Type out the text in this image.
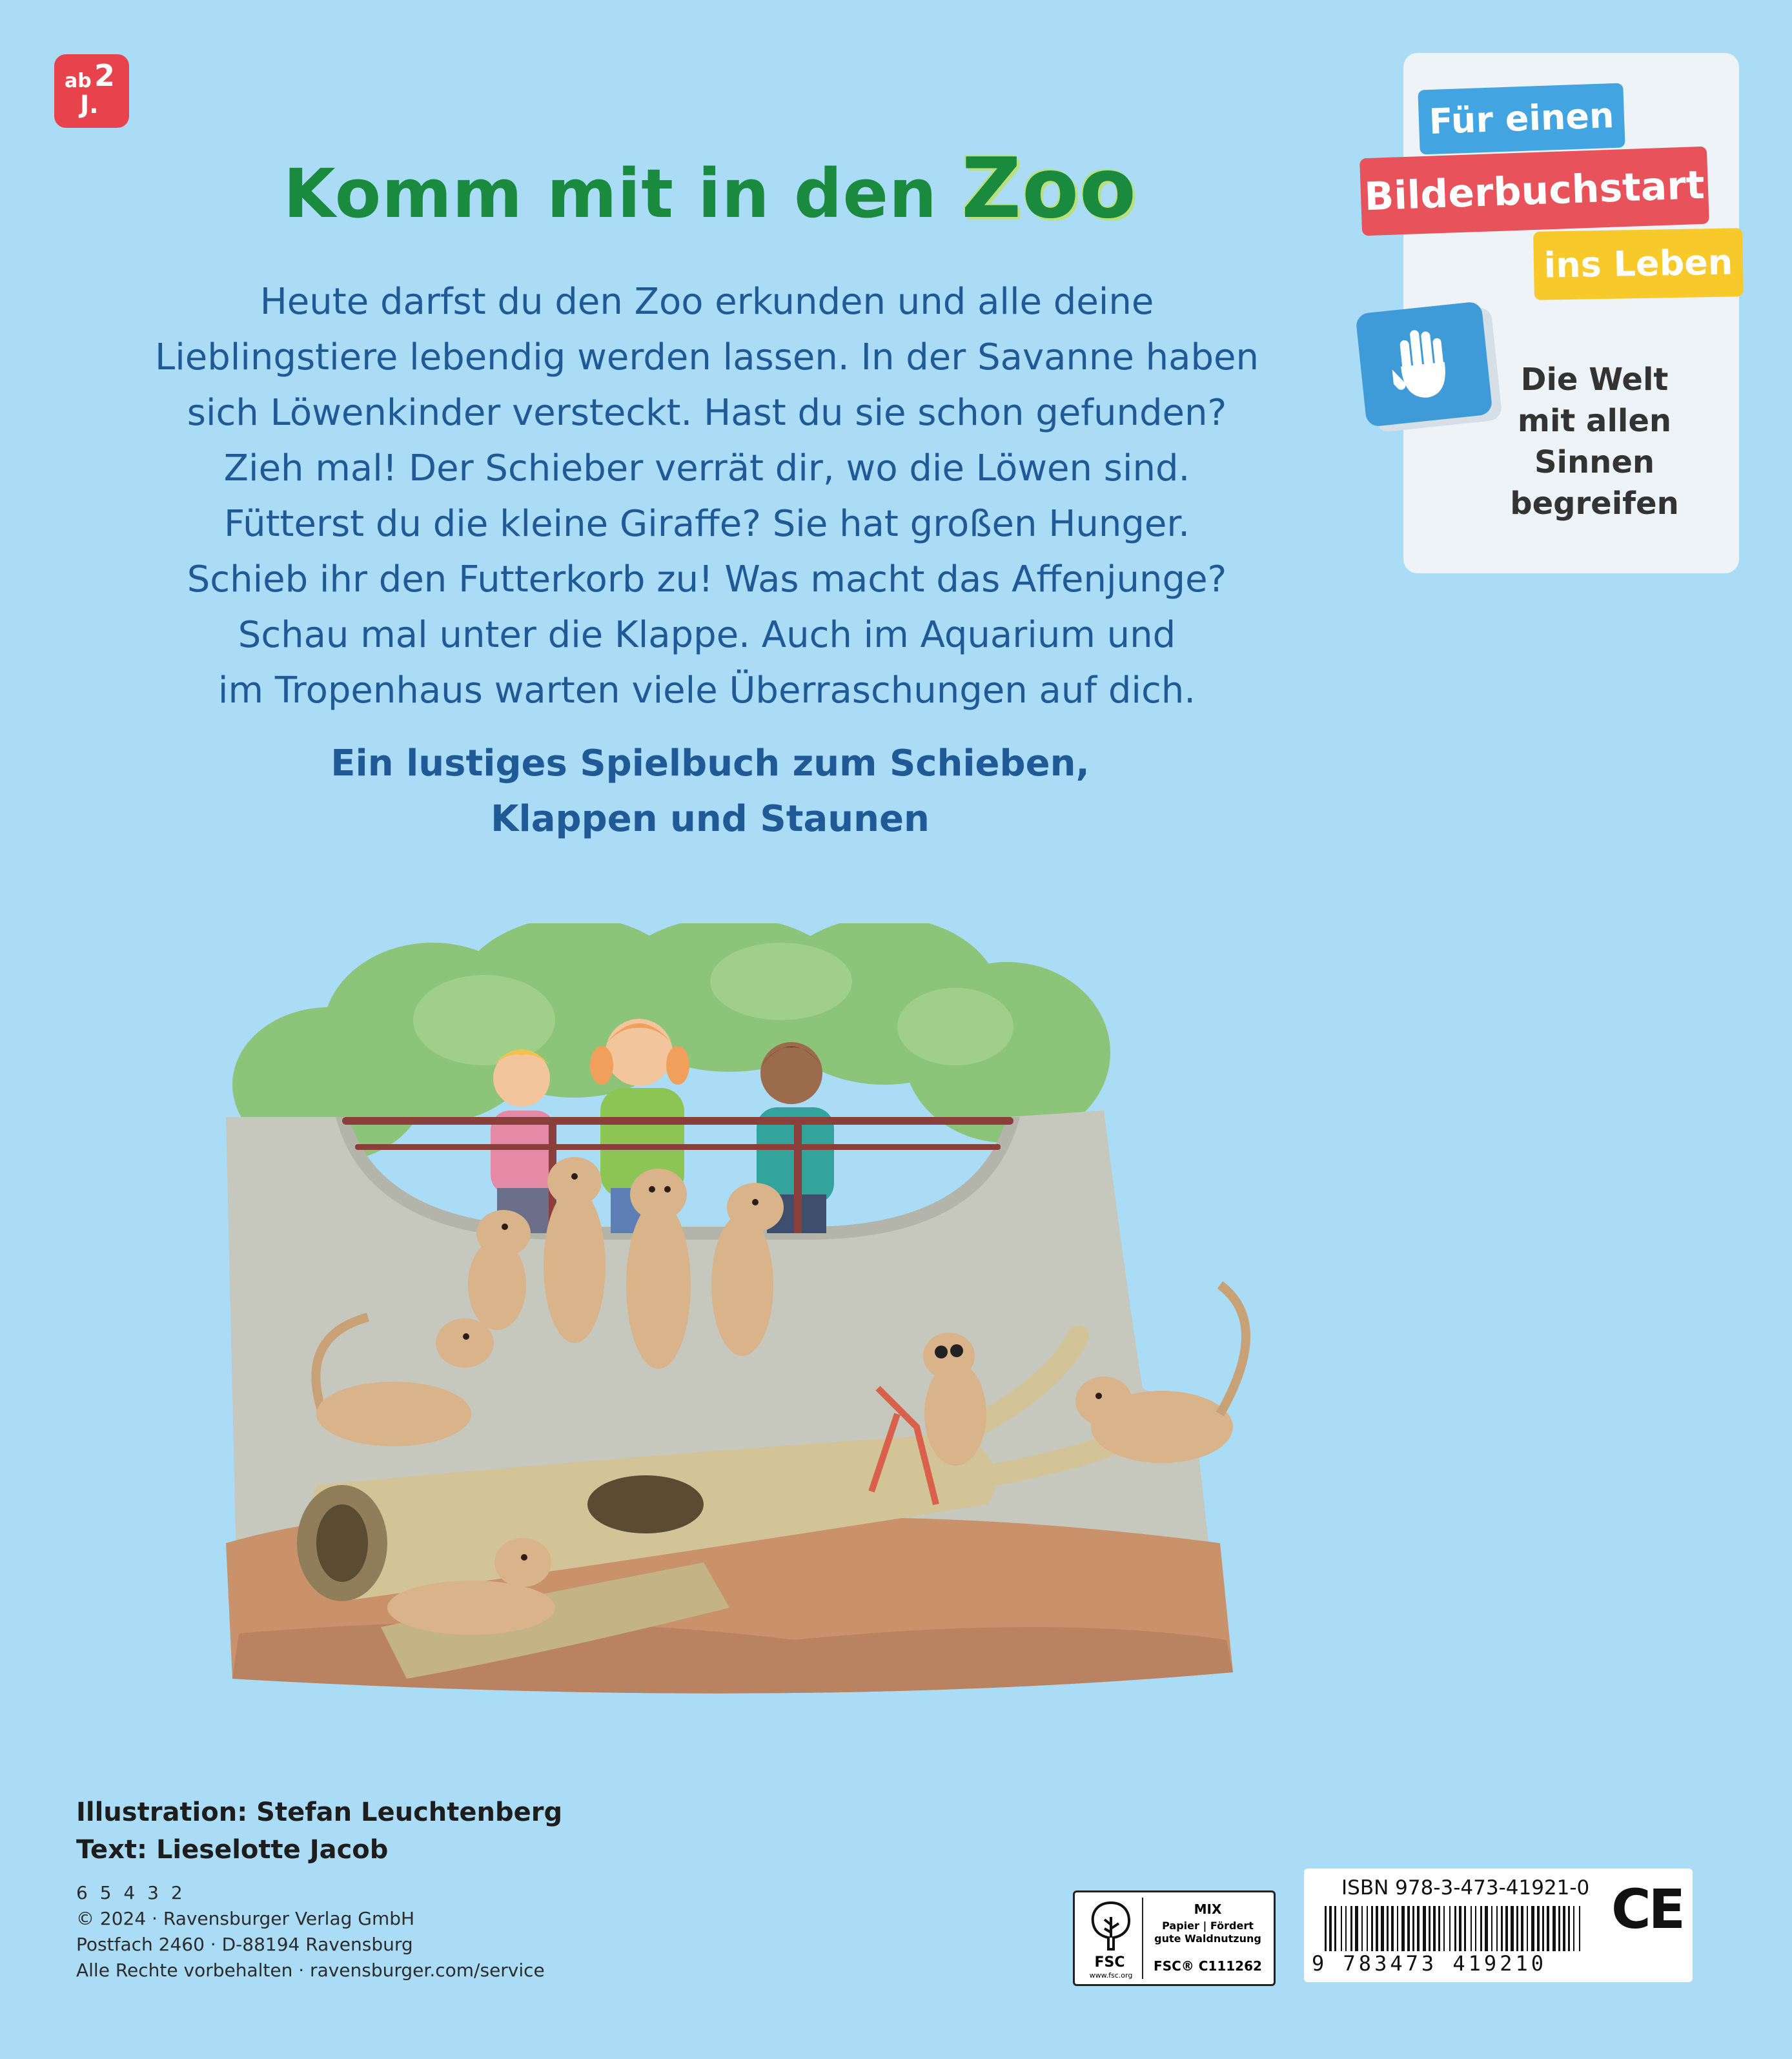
ab 2
J.
Komm mit in den Zoo
Heute darfst du den Zoo erkunden und alle deine
Lieblingstiere lebendig werden lassen. In der Savanne haben
sich Löwenkinder versteckt. Hast du sie schon gefunden?
Zieh mal! Der Schieber verrät dir, wo die Löwen sind.
Fütterst du die kleine Giraffe? Sie hat großen Hunger.
Schieb ihr den Futterkorb zu! Was macht das Affenjunge?
Schau mal unter die Klappe. Auch im Aquarium und
im Tropenhaus warten viele Überraschungen auf dich.
Ein lustiges Spielbuch zum Schieben,
Klappen und Staunen
Für einen
Bilderbuchstart
ins Leben
Die Welt
mit allen
Sinnen
begreifen
Illustration: Stefan Leuchtenberg
Text: Lieselotte Jacob
6 5 4 3 2
© 2024 · Ravensburger Verlag GmbH
Postfach 2460 · D-88194 Ravensburg
Alle Rechte vorbehalten · ravensburger.com/service	FSC
www.fsc.org
MIX
Papier | Fördert
gute Waldnutzung
FSC® C111262
ISBN 978-3-473-41921-0
9 783473 419210
CE
